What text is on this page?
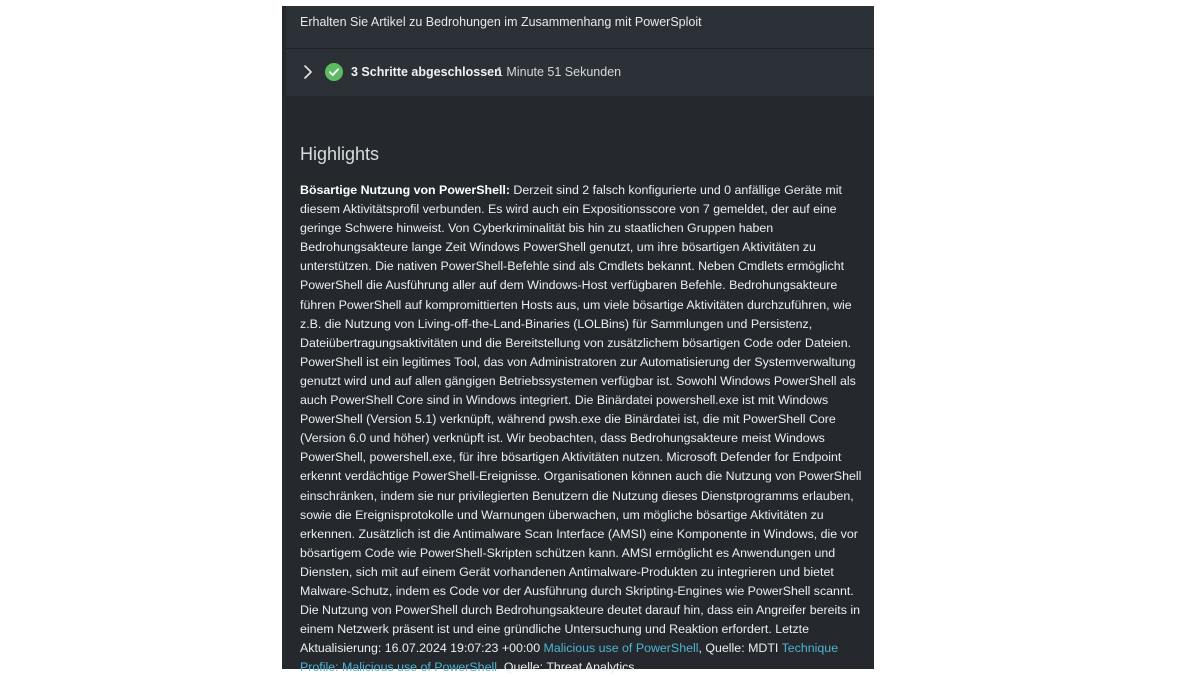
Erhalten Sie Artikel zu Bedrohungen im Zusammenhang mit PowerSploit
3 Schritte abgeschlossen
1 Minute 51 Sekunden
Highlights
Bösartige Nutzung von PowerShell: Derzeit sind 2 falsch konfigurierte und 0 anfällige Geräte mit diesem Aktivitätsprofil verbunden. Es wird auch ein Expositionsscore von 7 gemeldet, der auf eine geringe Schwere hinweist. Von Cyberkriminalität bis hin zu staatlichen Gruppen haben Bedrohungsakteure lange Zeit Windows PowerShell genutzt, um ihre bösartigen Aktivitäten zu unterstützen. Die nativen PowerShell-Befehle sind als Cmdlets bekannt. Neben Cmdlets ermöglicht PowerShell die Ausführung aller auf dem Windows-Host verfügbaren Befehle. Bedrohungsakteure führen PowerShell auf kompromittierten Hosts aus, um viele bösartige Aktivitäten durchzuführen, wie z.B. die Nutzung von Living-off-the-Land-Binaries (LOLBins) für Sammlungen und Persistenz, Dateiübertragungsaktivitäten und die Bereitstellung von zusätzlichem bösartigen Code oder Dateien. PowerShell ist ein legitimes Tool, das von Administratoren zur Automatisierung der Systemverwaltung genutzt wird und auf allen gängigen Betriebssystemen verfügbar ist. Sowohl Windows PowerShell als auch PowerShell Core sind in Windows integriert. Die Binärdatei powershell.exe ist mit Windows PowerShell (Version 5.1) verknüpft, während pwsh.exe die Binärdatei ist, die mit PowerShell Core (Version 6.0 und höher) verknüpft ist. Wir beobachten, dass Bedrohungsakteure meist Windows PowerShell, powershell.exe, für ihre bösartigen Aktivitäten nutzen. Microsoft Defender for Endpoint erkennt verdächtige PowerShell-Ereignisse. Organisationen können auch die Nutzung von PowerShell einschränken, indem sie nur privilegierten Benutzern die Nutzung dieses Dienstprogramms erlauben, sowie die Ereignisprotokolle und Warnungen überwachen, um mögliche bösartige Aktivitäten zu erkennen. Zusätzlich ist die Antimalware Scan Interface (AMSI) eine Komponente in Windows, die vor bösartigem Code wie PowerShell-Skripten schützen kann. AMSI ermöglicht es Anwendungen und Diensten, sich mit auf einem Gerät vorhandenen Antimalware-Produkten zu integrieren und bietet Malware-Schutz, indem es Code vor der Ausführung durch Skripting-Engines wie PowerShell scannt. Die Nutzung von PowerShell durch Bedrohungsakteure deutet darauf hin, dass ein Angreifer bereits in einem Netzwerk präsent ist und eine gründliche Untersuchung und Reaktion erfordert. Letzte Aktualisierung: 16.07.2024 19:07:23 +00:00 Malicious use of PowerShell, Quelle: MDTI Technique Profile: Malicious use of PowerShell, Quelle: Threat Analytics
